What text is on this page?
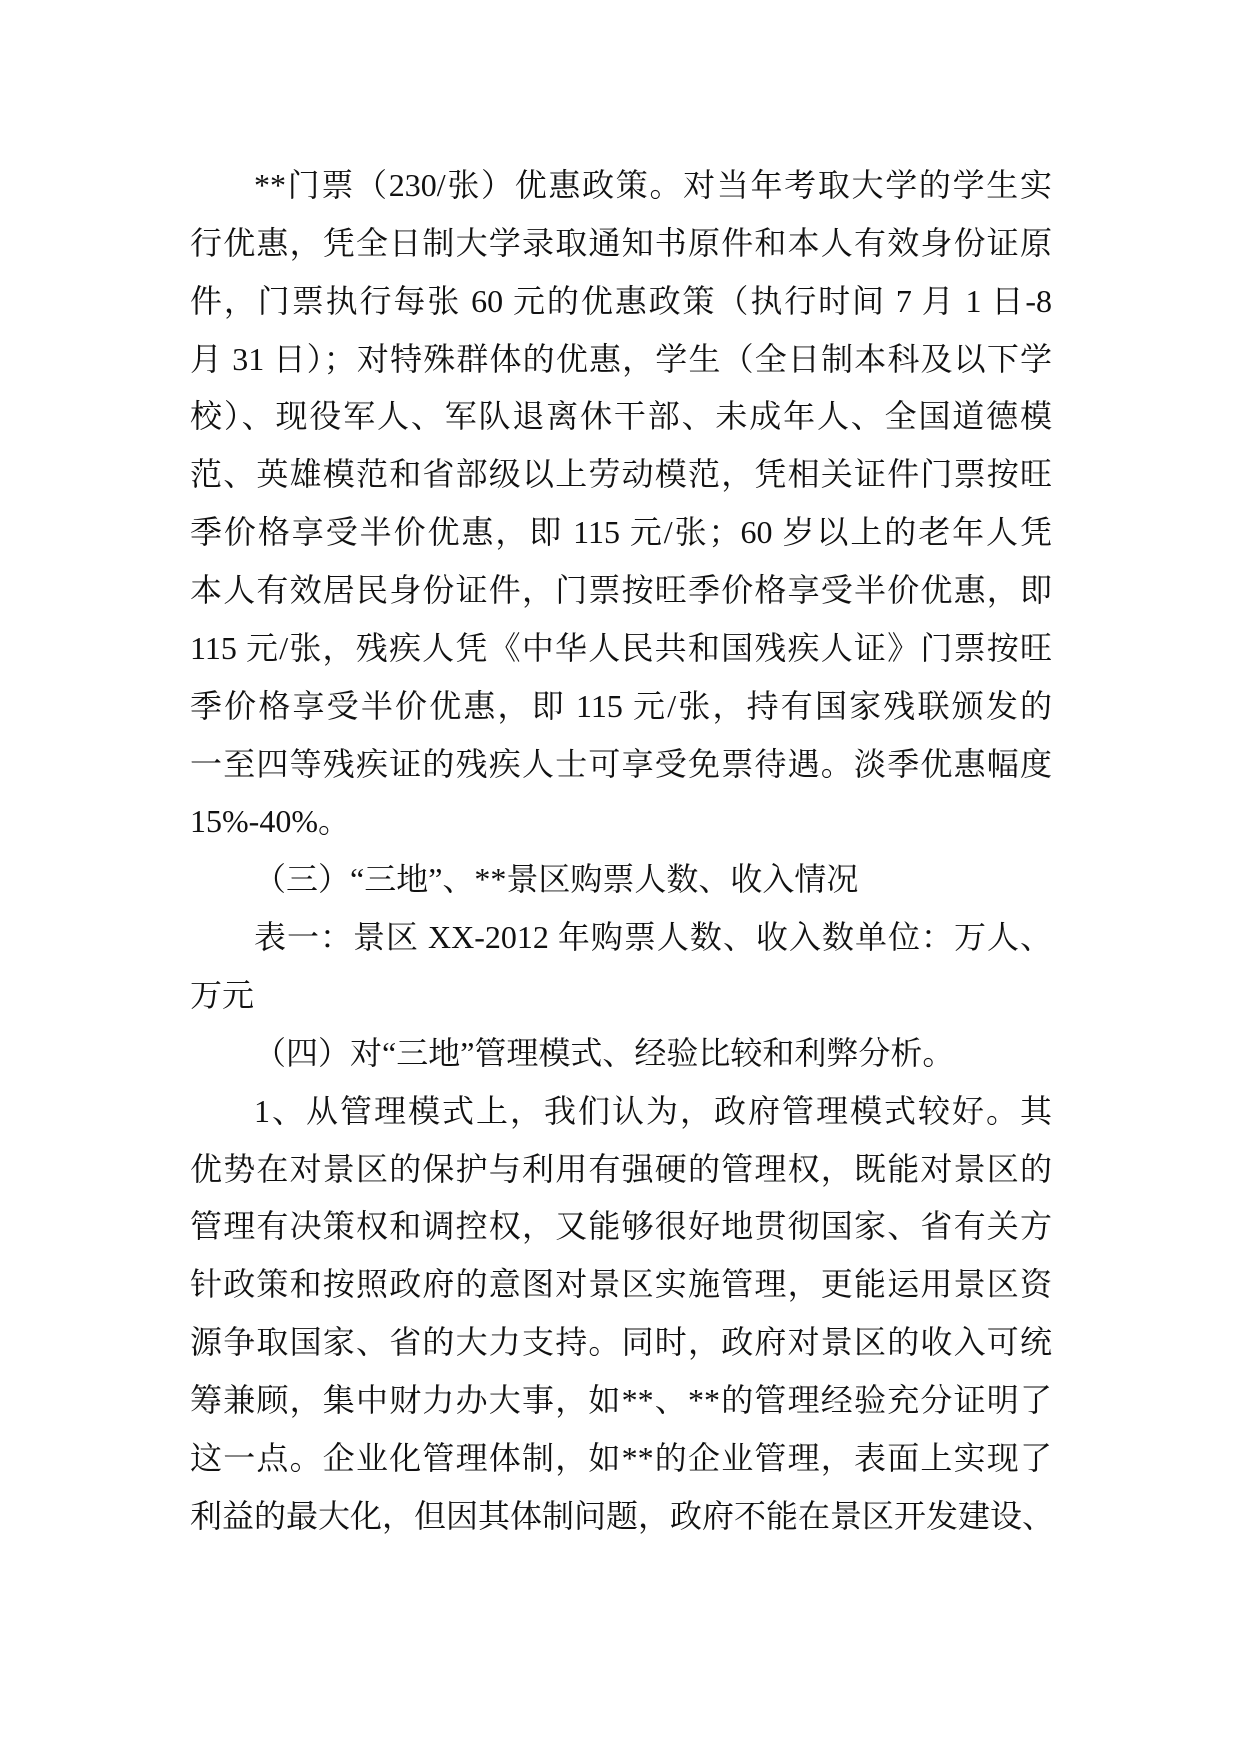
**门票（230/张）优惠政策。对当年考取大学的学生实
行优惠，凭全日制大学录取通知书原件和本人有效身份证原
件，门票执行每张 60 元的优惠政策（执行时间 7 月 1 日-8
月 31 日）；对特殊群体的优惠，学生（全日制本科及以下学
校）、现役军人、军队退离休干部、未成年人、全国道德模
范、英雄模范和省部级以上劳动模范，凭相关证件门票按旺
季价格享受半价优惠，即 115 元/张；60 岁以上的老年人凭
本人有效居民身份证件，门票按旺季价格享受半价优惠，即
115 元/张，残疾人凭《中华人民共和国残疾人证》门票按旺
季价格享受半价优惠，即 115 元/张，持有国家残联颁发的
一至四等残疾证的残疾人士可享受免票待遇。淡季优惠幅度
15%-40%。
（三）“三地”、**景区购票人数、收入情况
表一：景区 XX-2012 年购票人数、收入数单位：万人、
万元
（四）对“三地”管理模式、经验比较和利弊分析。
1、从管理模式上，我们认为，政府管理模式较好。其
优势在对景区的保护与利用有强硬的管理权，既能对景区的
管理有决策权和调控权，又能够很好地贯彻国家、省有关方
针政策和按照政府的意图对景区实施管理，更能运用景区资
源争取国家、省的大力支持。同时，政府对景区的收入可统
筹兼顾，集中财力办大事，如**、**的管理经验充分证明了
这一点。企业化管理体制，如**的企业管理，表面上实现了
利益的最大化，但因其体制问题，政府不能在景区开发建设、
